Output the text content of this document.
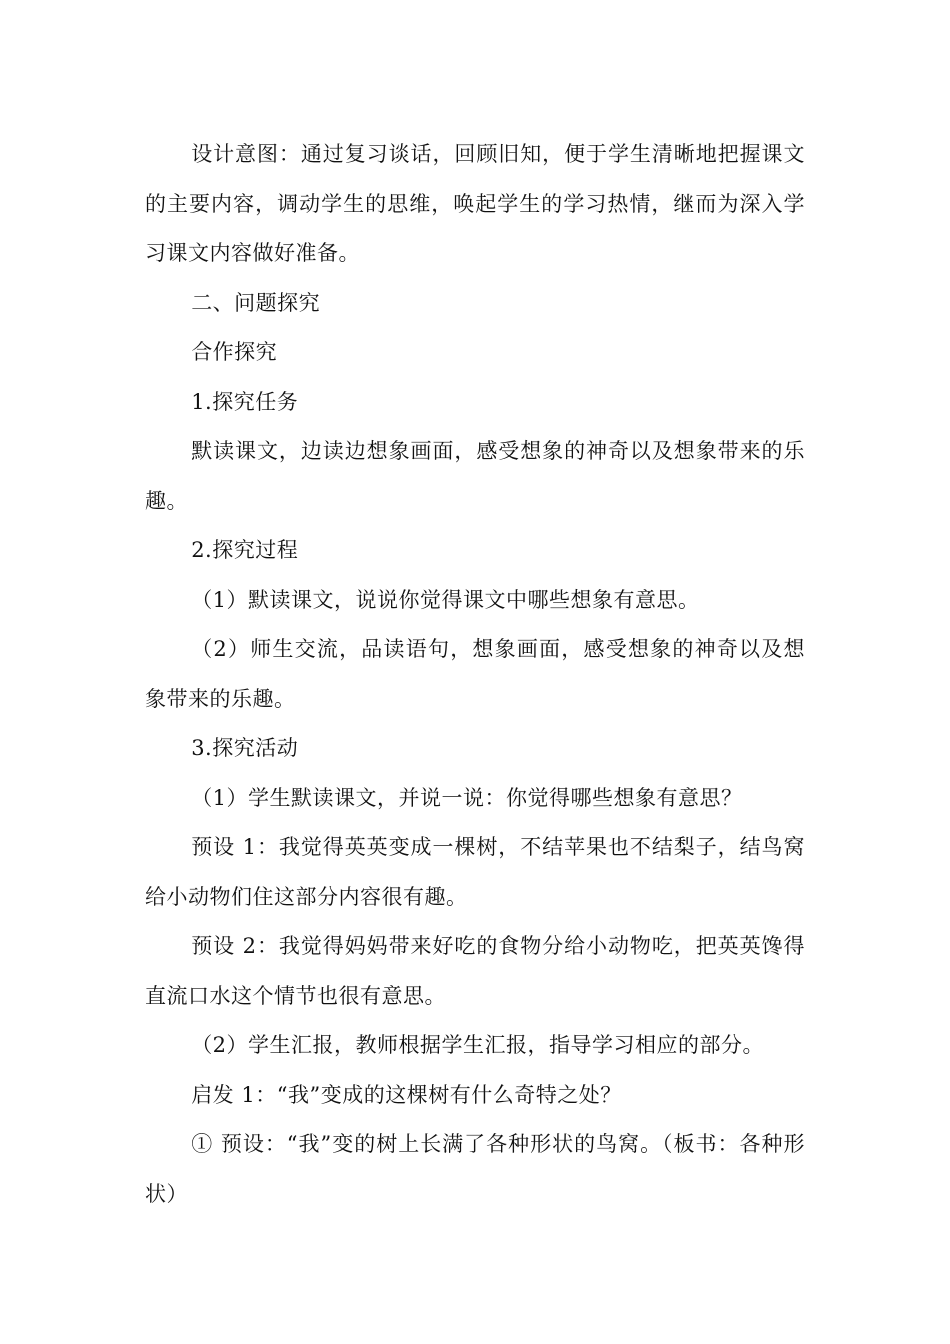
设计意图：通过复习谈话，回顾旧知，便于学生清晰地把握课文的主要内容，调动学生的思维，唤起学生的学习热情，继而为深入学习课文内容做好准备。

二、问题探究

合作探究

1.探究任务

默读课文，边读边想象画面，感受想象的神奇以及想象带来的乐趣。

2.探究过程

（1）默读课文，说说你觉得课文中哪些想象有意思。

（2）师生交流，品读语句，想象画面，感受想象的神奇以及想象带来的乐趣。

3.探究活动

（1）学生默读课文，并说一说：你觉得哪些想象有意思？

预设 1：我觉得英英变成一棵树，不结苹果也不结梨子，结鸟窝给小动物们住这部分内容很有趣。

预设 2：我觉得妈妈带来好吃的食物分给小动物吃，把英英馋得直流口水这个情节也很有意思。

（2）学生汇报，教师根据学生汇报，指导学习相应的部分。

启发 1：“我”变成的这棵树有什么奇特之处？

① 预设：“我”变的树上长满了各种形状的鸟窝。（板书：各种形状）
